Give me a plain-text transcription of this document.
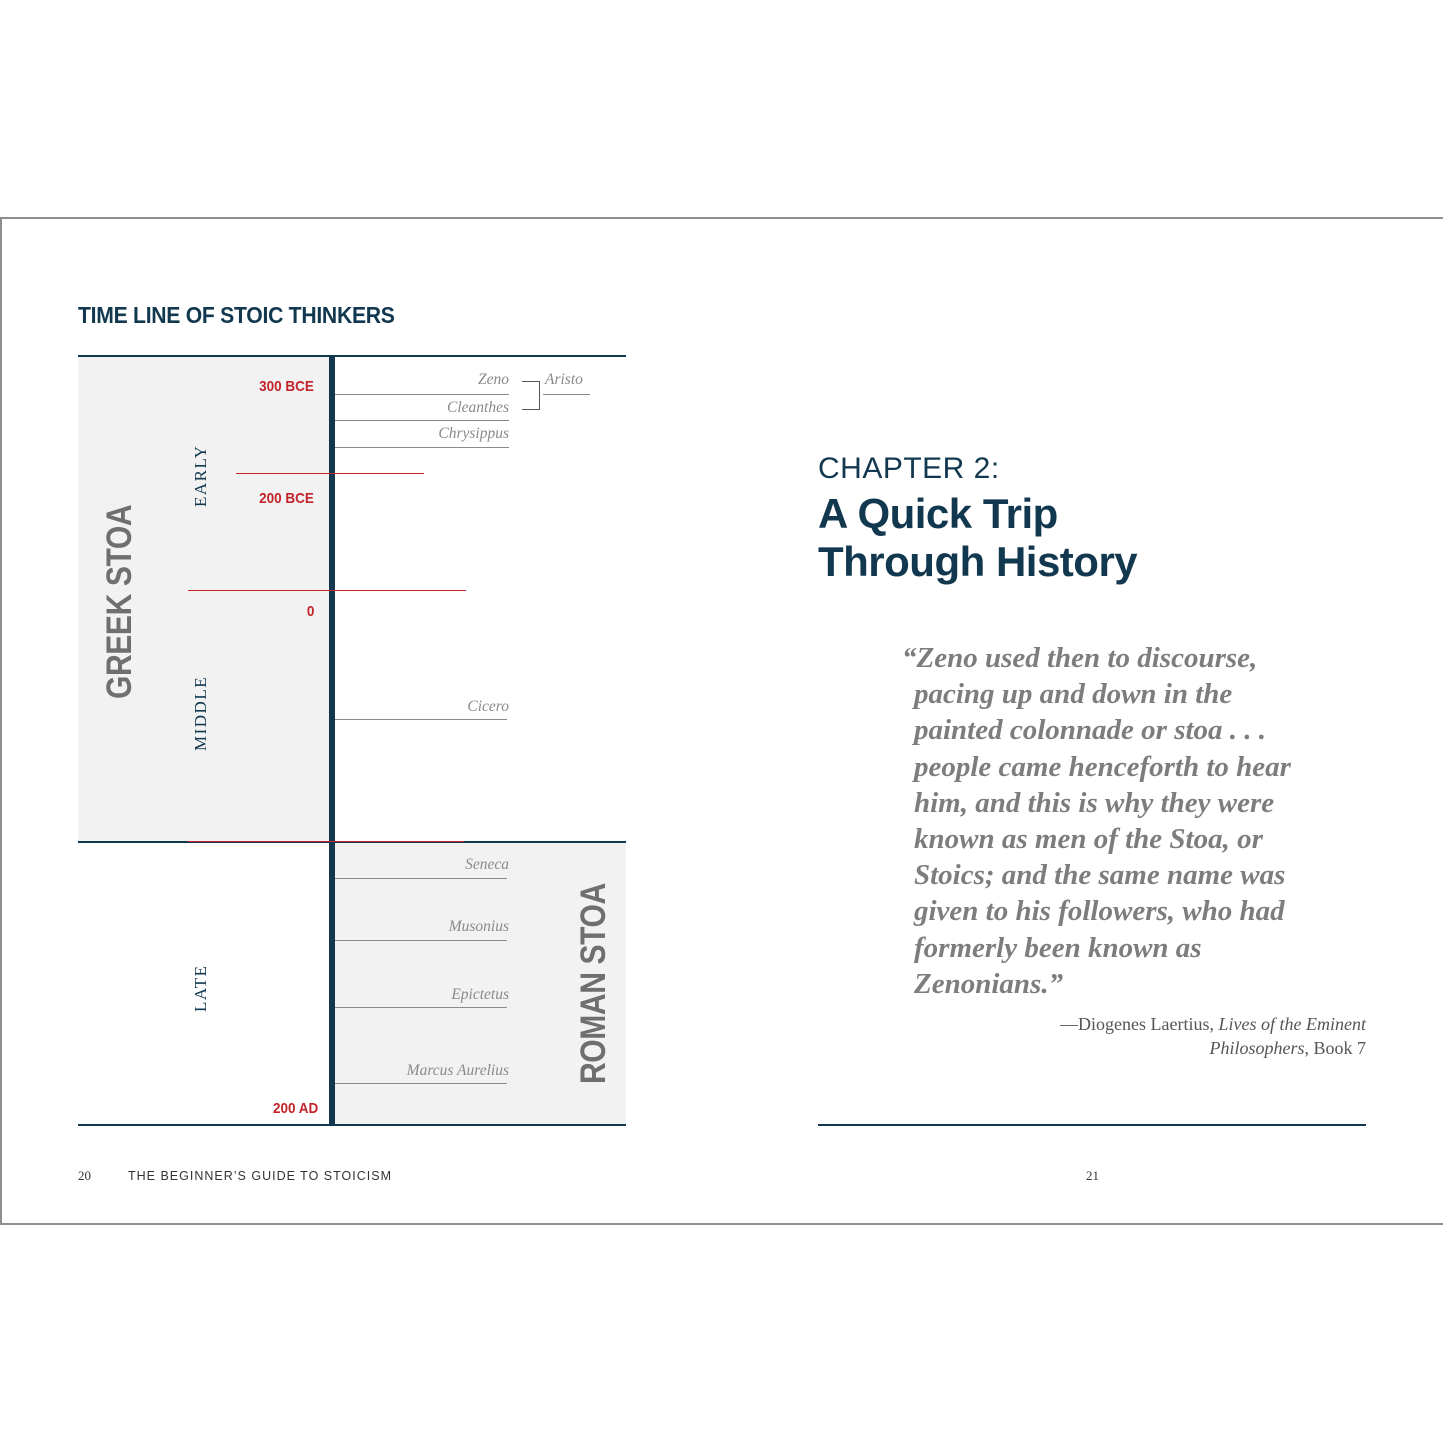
TIME LINE OF STOIC THINKERS
300 BCE
200 BCE
0
200 AD
EARLY
MIDDLE
LATE
GREEK STOA
ROMAN STOA
Zeno Aristo
Cleanthes
Chrysippus
Cicero
Seneca
Musonius
Epictetus
Marcus Aurelius
20	THE BEGINNER’S GUIDE TO STOICISM
CHAPTER 2:
A Quick Trip
Through History
“Zeno used then to discourse,
pacing up and down in the
painted colonnade or stoa . . .
people came henceforth to hear
him, and this is why they were
known as men of the Stoa, or
Stoics; and the same name was
given to his followers, who had
formerly been known as
Zenonians.”
—Diogenes Laertius, Lives of the Eminent
Philosophers, Book 7
21
